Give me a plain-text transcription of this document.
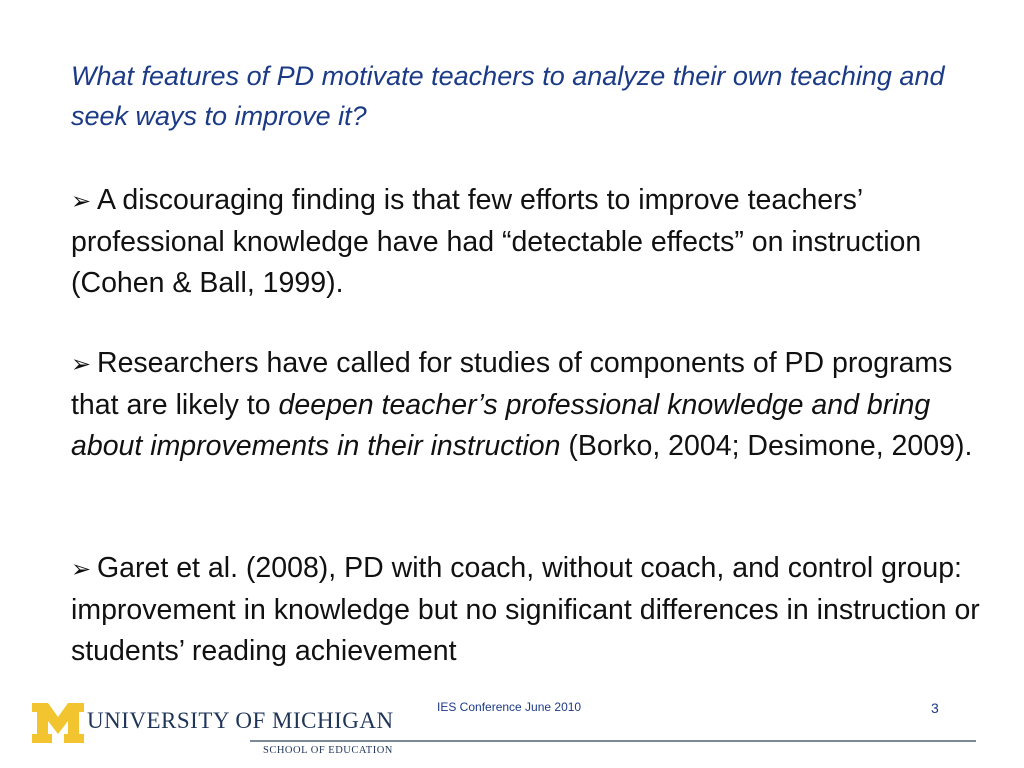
What features of PD motivate teachers to analyze their own teaching and seek ways to improve it?
➢ A discouraging finding is that few efforts to improve teachers’ professional knowledge have had “detectable effects” on instruction (Cohen & Ball, 1999).
➢ Researchers have called for studies of components of PD programs that are likely to deepen teacher’s professional knowledge and bring about improvements in their instruction (Borko, 2004; Desimone, 2009).
➢ Garet et al. (2008), PD with coach, without coach, and control group: improvement in knowledge but no significant differences in instruction or students’ reading achievement
UNIVERSITY OF MICHIGAN
SCHOOL OF EDUCATION
IES Conference June 2010	3
